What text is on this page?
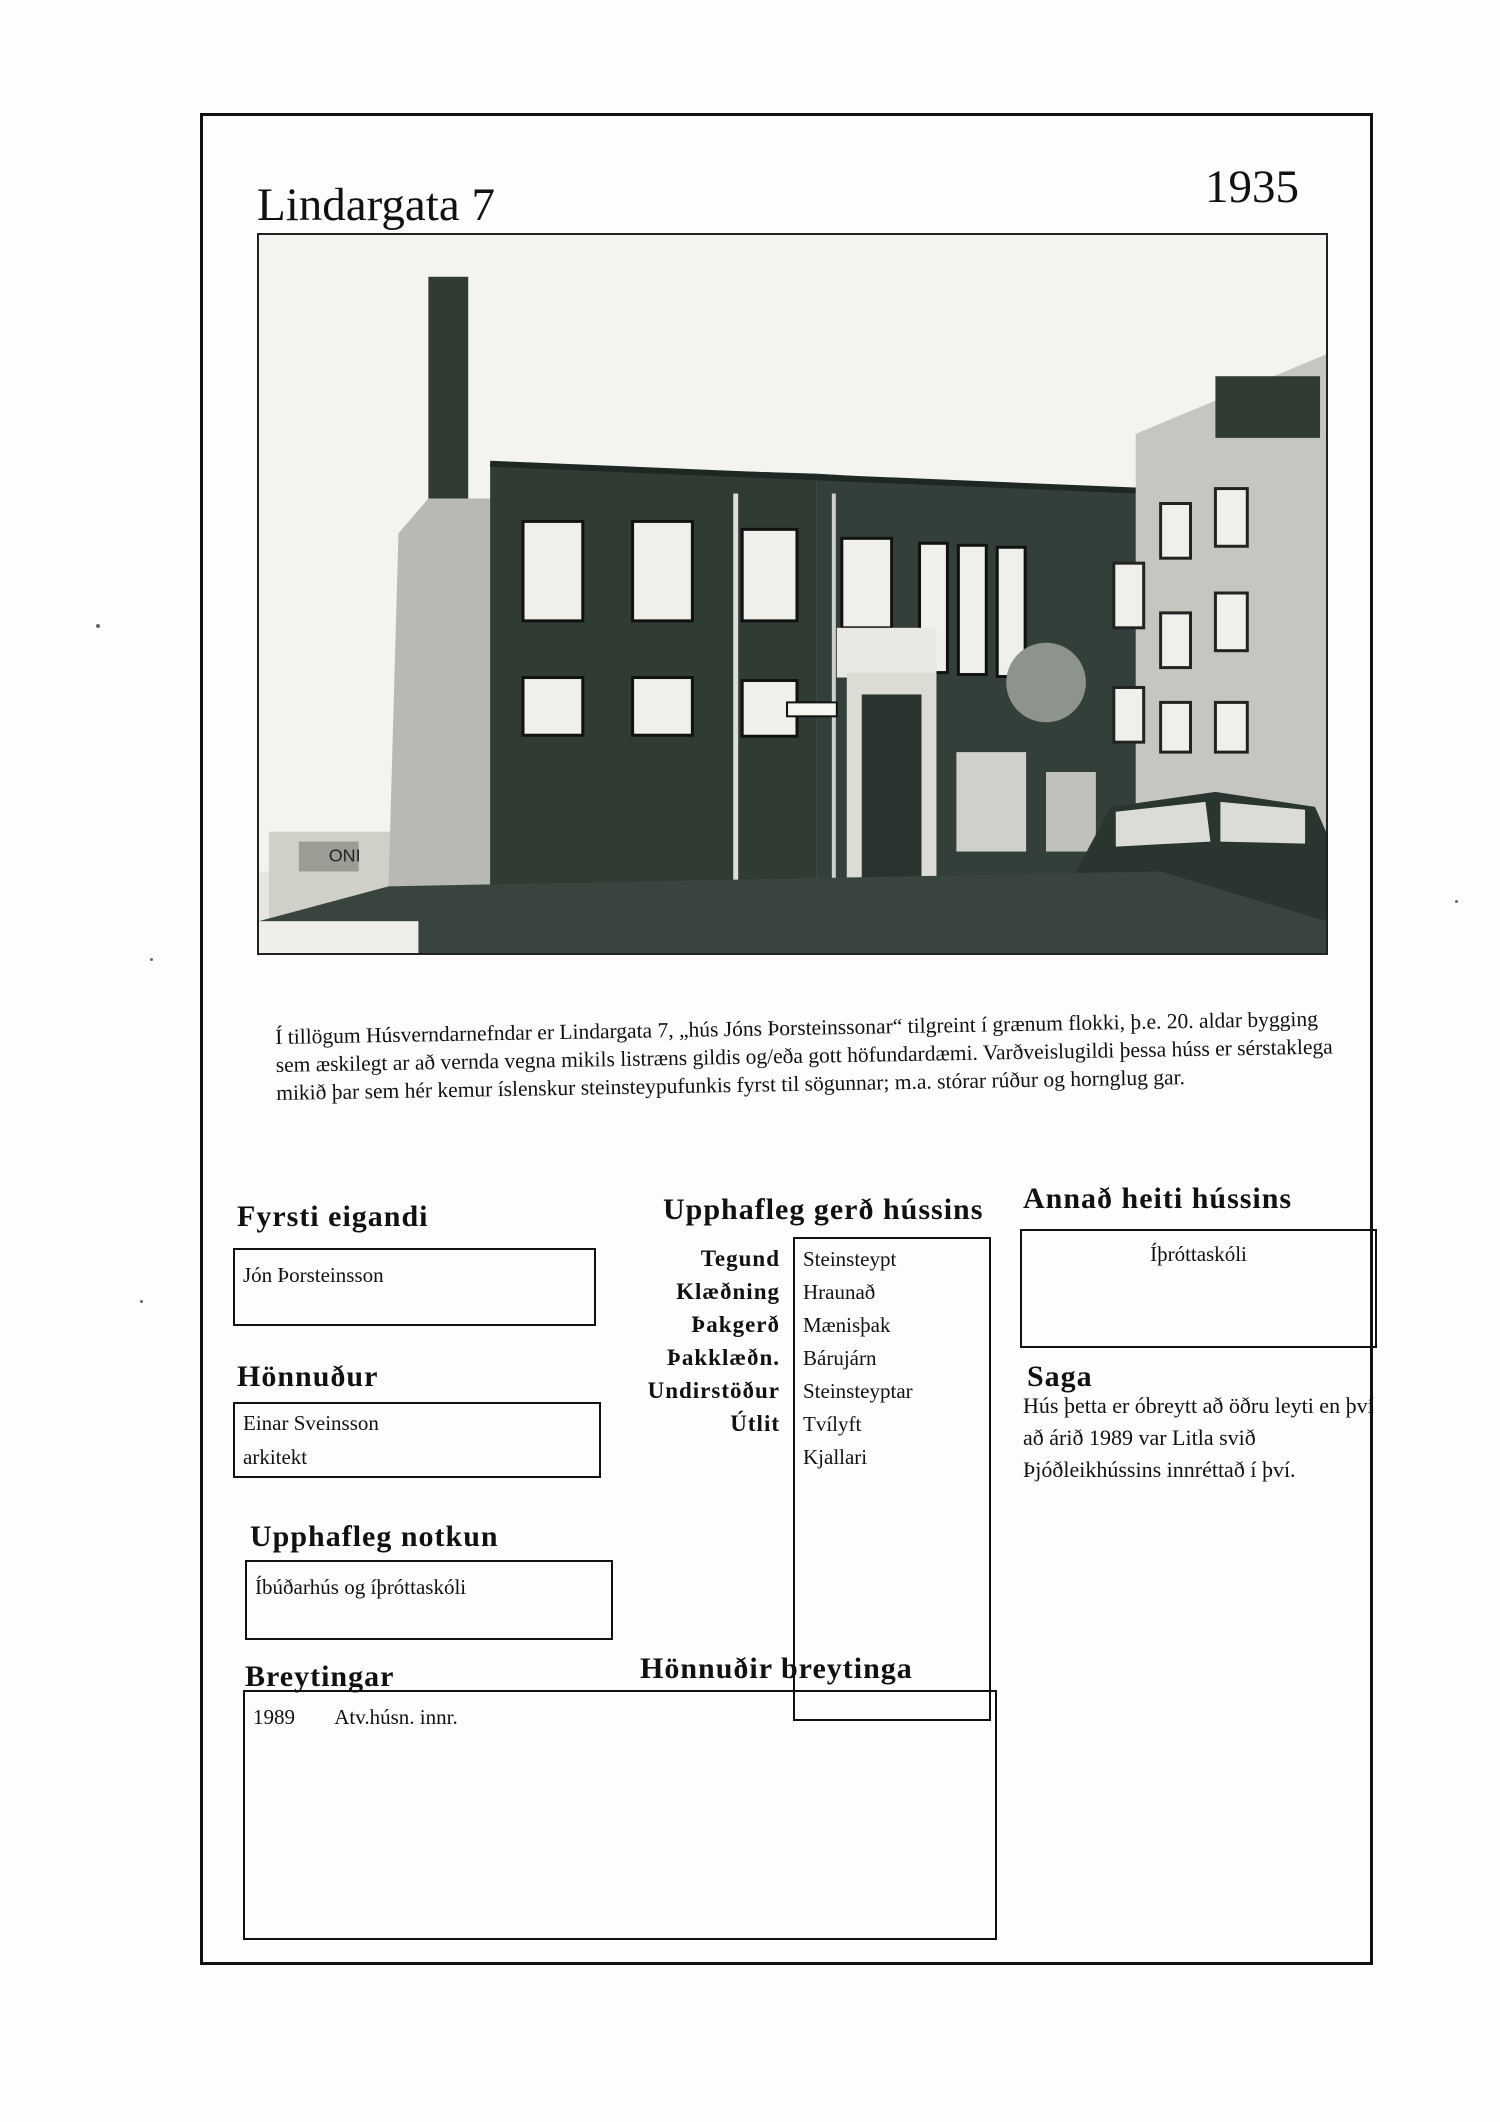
Lindargata 7	1935
ONI
Í tillögum Húsverndarnefndar er Lindargata 7, „hús Jóns Þorsteinssonar“ tilgreint í grænum flokki, þ.e. 20. aldar bygging sem æskilegt ar að vernda vegna mikils listræns gildis og/eða gott höfundardæmi. Varðveislugildi þessa húss er sérstaklega mikið þar sem hér kemur íslenskur steinsteypufunkis fyrst til sögunnar; m.a. stórar rúður og hornglug gar.
Fyrsti eigandi
Jón Þorsteinsson
Hönnuður
Einar Sveinsson
arkitekt
Upphafleg notkun
Íbúðarhús og íþróttaskóli
Breytingar
1989 Atv.húsn. innr.
Hönnuðir breytinga
Upphafleg gerð hússins
Tegund
Klæðning
Þakgerð
Þakklæðn.
Undirstöður
Útlit
Steinsteypt
Hraunað
Mænisþak
Bárujárn
Steinsteyptar
Tvílyft
Kjallari
Annað heiti hússins
Íþróttaskóli
Saga
Hús þetta er óbreytt að öðru leyti en því að árið 1989 var Litla svið Þjóðleikhússins innréttað í því.
